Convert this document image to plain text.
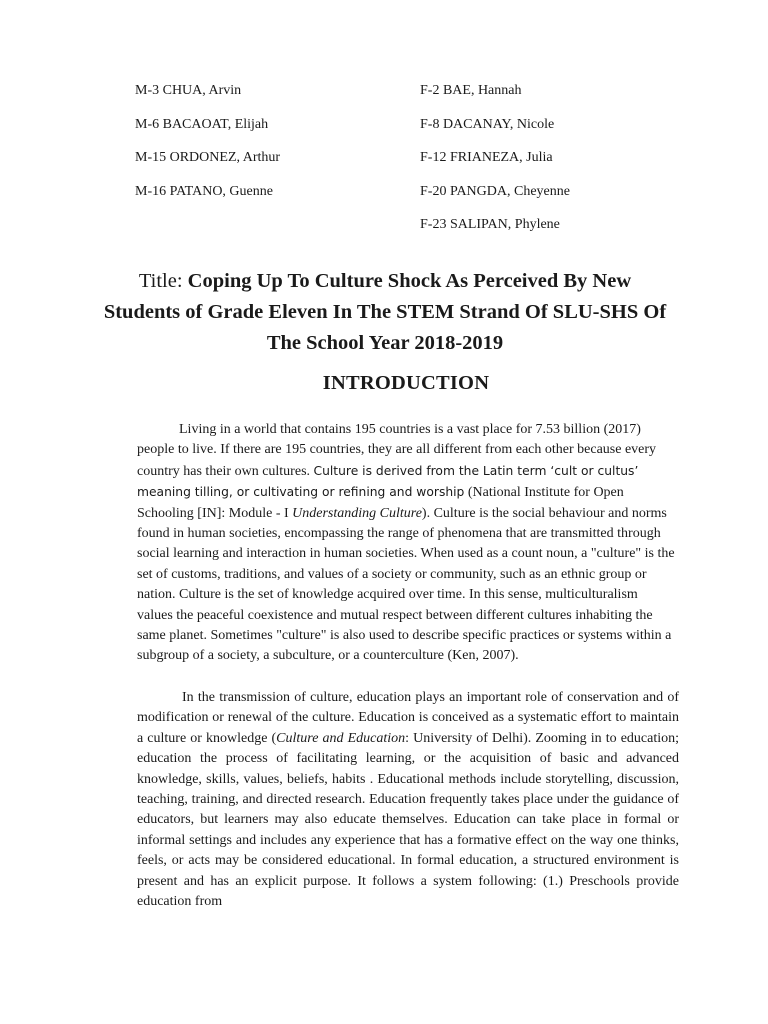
M-3 CHUA, Arvin
M-6 BACAOAT, Elijah
M-15 ORDONEZ, Arthur
M-16 PATANO, Guenne
F-2 BAE, Hannah
F-8 DACANAY, Nicole
F-12 FRIANEZA, Julia
F-20 PANGDA, Cheyenne
F-23 SALIPAN, Phylene
Title: Coping Up To Culture Shock As Perceived By New Students of Grade Eleven In The STEM Strand Of SLU-SHS Of The School Year 2018-2019
INTRODUCTION

Living in a world that contains 195 countries is a vast place for 7.53 billion (2017) people to live. If there are 195 countries, they are all different from each other because every country has their own cultures. Culture is derived from the Latin term ‘cult or cultus’ meaning tilling, or cultivating or refining and worship (National Institute for Open Schooling [IN]: Module - I Understanding Culture). Culture is the social behaviour and norms found in human societies, encompassing the range of phenomena that are transmitted through social learning and interaction in human societies. When used as a count noun, a "culture" is the set of customs, traditions, and values of a society or community, such as an ethnic group or nation. Culture is the set of knowledge acquired over time. In this sense, multiculturalism values the peaceful coexistence and mutual respect between different cultures inhabiting the same planet. Sometimes "culture" is also used to describe specific practices or systems within a subgroup of a society, a subculture, or a counterculture (Ken, 2007).

In the transmission of culture, education plays an important role of conservation and of modification or renewal of the culture. Education is conceived as a systematic effort to maintain a culture or knowledge (Culture and Education: University of Delhi). Zooming in to education; education the process of facilitating learning, or the acquisition of basic and advanced knowledge, skills, values, beliefs, habits . Educational methods include storytelling, discussion, teaching, training, and directed research. Education frequently takes place under the guidance of educators, but learners may also educate themselves. Education can take place in formal or informal settings and includes any experience that has a formative effect on the way one thinks, feels, or acts may be considered educational. In formal education, a structured environment is present and has an explicit purpose. It follows a system following: (1.) Preschools provide education from
